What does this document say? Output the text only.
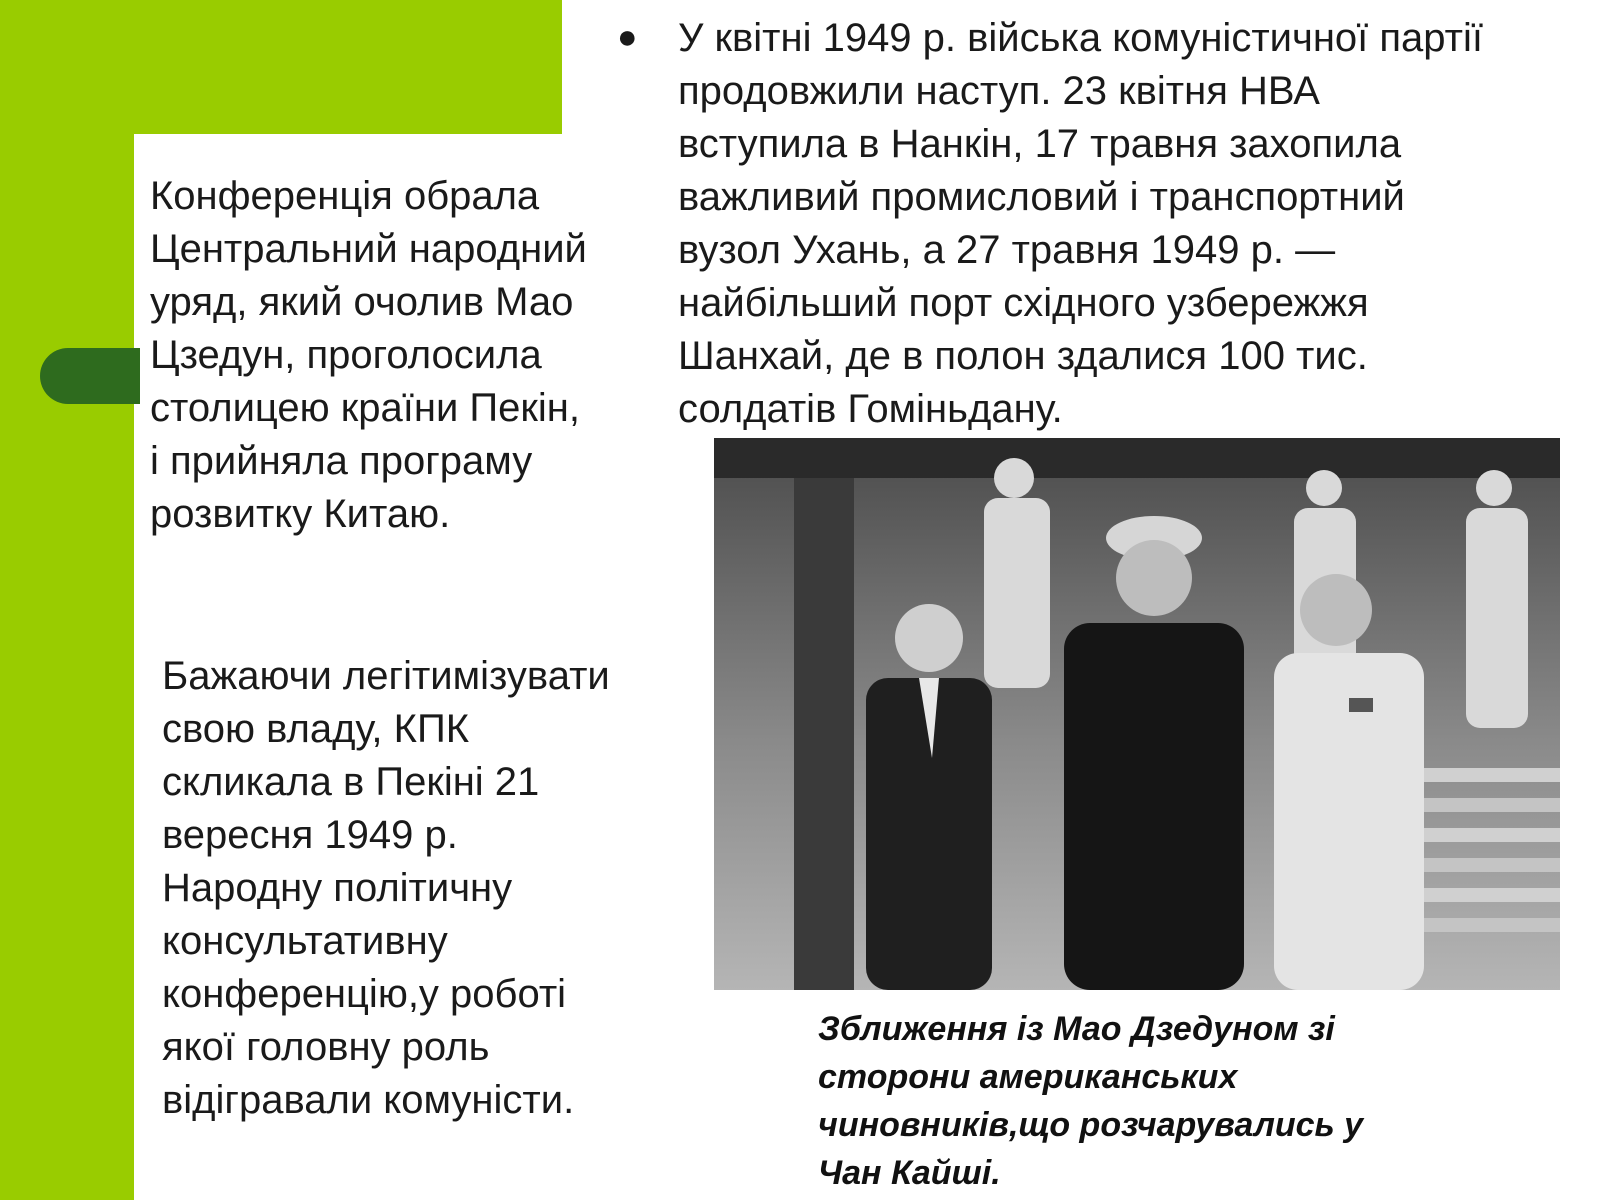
Конференція обрала
Центральний народний
уряд, який очолив Мао
Цзедун, проголосила
столицею країни Пекін,
і прийняла програму
розвитку Китаю.
Бажаючи легітимізувати
свою владу, КПК
скликала в Пекіні 21
вересня 1949 р.
Народну політичну
консультативну
конференцію,у роботі
якої головну роль
відігравали комуністи.
● У квітні 1949 р. війська комуністичної партії
продовжили наступ. 23 квітня НВА
вступила в Нанкін, 17 травня захопила
важливий промисловий і транспортний
вузол Ухань, а 27 травня 1949 р. —
найбільший порт східного узбережжя
Шанхай, де в полон здалися 100 тис.
солдатів Гоміньдану.
Зближення із Мао Дзедуном зі
сторони американських
чиновників,що розчарувались у
Чан Кайші.
